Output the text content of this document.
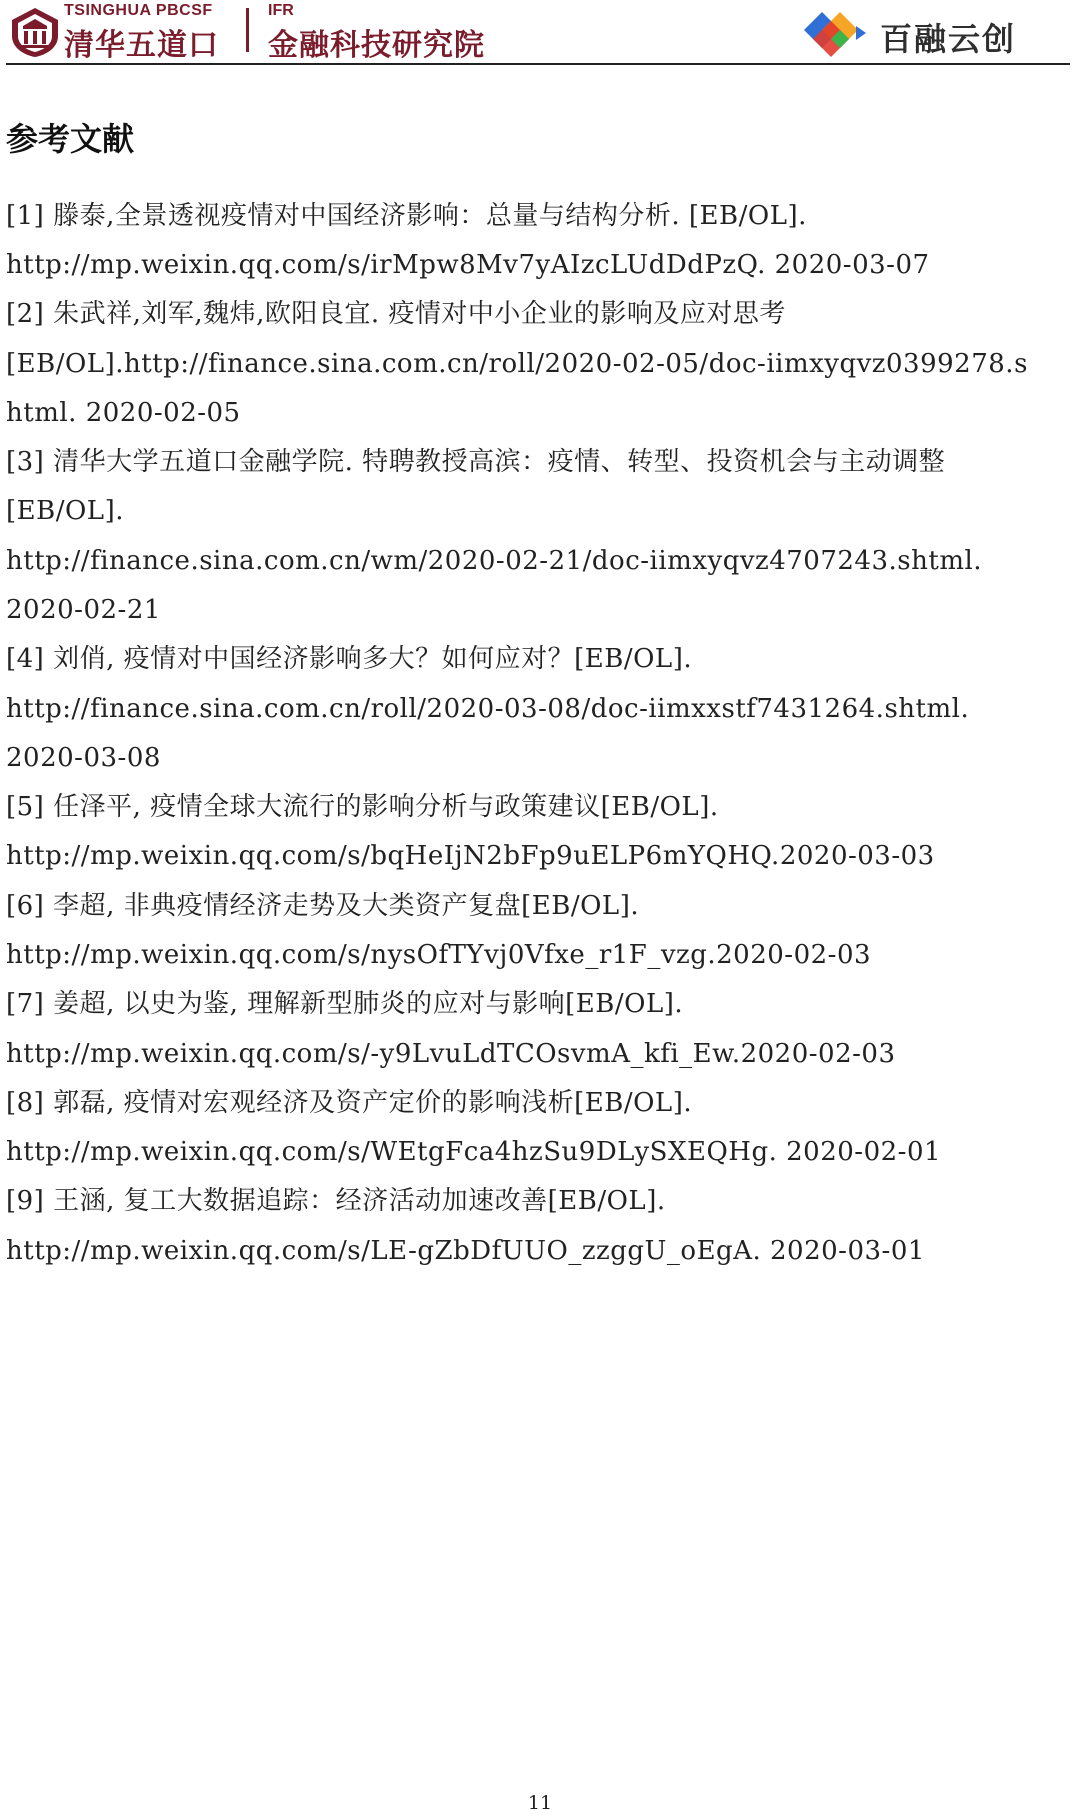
TSINGHUA PBCSF
清华五道口
IFR
金融科技研究院	百融云创
参考文献
[1] 滕泰,全景透视疫情对中国经济影响：总量与结构分析. [EB/OL].
http://mp.weixin.qq.com/s/irMpw8Mv7yAIzcLUdDdPzQ. 2020-03-07
[2] 朱武祥,刘军,魏炜,欧阳良宜. 疫情对中小企业的影响及应对思考
[EB/OL].http://finance.sina.com.cn/roll/2020-02-05/doc-iimxyqvz0399278.s
html. 2020-02-05
[3] 清华大学五道口金融学院. 特聘教授高滨：疫情、转型、投资机会与主动调整
[EB/OL].
http://finance.sina.com.cn/wm/2020-02-21/doc-iimxyqvz4707243.shtml.
2020-02-21
[4] 刘俏, 疫情对中国经济影响多大？如何应对？[EB/OL].
http://finance.sina.com.cn/roll/2020-03-08/doc-iimxxstf7431264.shtml.
2020-03-08
[5] 任泽平, 疫情全球大流行的影响分析与政策建议[EB/OL].
http://mp.weixin.qq.com/s/bqHeIjN2bFp9uELP6mYQHQ.2020-03-03
[6] 李超, 非典疫情经济走势及大类资产复盘[EB/OL].
http://mp.weixin.qq.com/s/nysOfTYvj0Vfxe_r1F_vzg.2020-02-03
[7] 姜超, 以史为鉴, 理解新型肺炎的应对与影响[EB/OL].
http://mp.weixin.qq.com/s/-y9LvuLdTCOsvmA_kfi_Ew.2020-02-03
[8] 郭磊, 疫情对宏观经济及资产定价的影响浅析[EB/OL].
http://mp.weixin.qq.com/s/WEtgFca4hzSu9DLySXEQHg. 2020-02-01
[9] 王涵, 复工大数据追踪：经济活动加速改善[EB/OL].
http://mp.weixin.qq.com/s/LE-gZbDfUUO_zzggU_oEgA. 2020-03-01
11
